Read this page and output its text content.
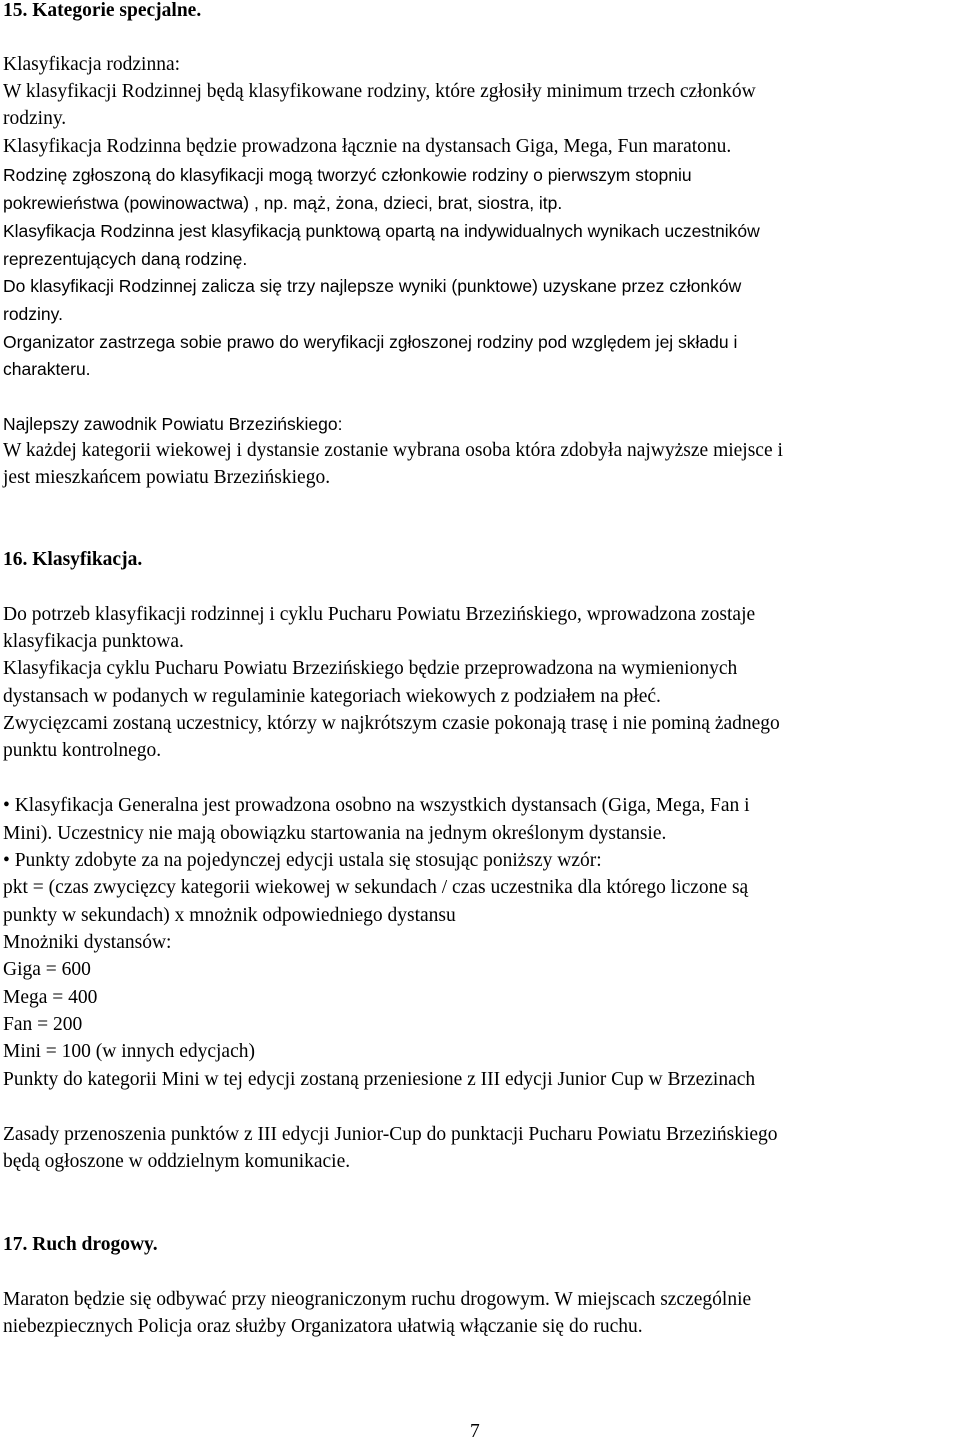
15. Kategorie specjalne.
Klasyfikacja rodzinna:
W klasyfikacji Rodzinnej będą klasyfikowane rodziny, które zgłosiły minimum trzech członków
rodziny.
Klasyfikacja Rodzinna będzie prowadzona łącznie na dystansach Giga, Mega, Fun maratonu.
Rodzinę zgłoszoną do klasyfikacji mogą tworzyć członkowie rodziny o pierwszym stopniu
pokrewieństwa (powinowactwa) , np. mąż, żona, dzieci, brat, siostra, itp.
Klasyfikacja Rodzinna jest klasyfikacją punktową opartą na indywidualnych wynikach uczestników
reprezentujących daną rodzinę.
Do klasyfikacji Rodzinnej zalicza się trzy najlepsze wyniki (punktowe) uzyskane przez członków
rodziny.
Organizator zastrzega sobie prawo do weryfikacji zgłoszonej rodziny pod względem jej składu i
charakteru.
Najlepszy zawodnik Powiatu Brzezińskiego:
W każdej kategorii wiekowej i dystansie zostanie wybrana osoba która zdobyła najwyższe miejsce i
jest mieszkańcem powiatu Brzezińskiego.
16. Klasyfikacja.
Do potrzeb klasyfikacji rodzinnej i cyklu Pucharu Powiatu Brzezińskiego, wprowadzona zostaje
klasyfikacja punktowa.
Klasyfikacja cyklu Pucharu Powiatu Brzezińskiego będzie przeprowadzona na wymienionych
dystansach w podanych w regulaminie kategoriach wiekowych z podziałem na płeć.
Zwycięzcami zostaną uczestnicy, którzy w najkrótszym czasie pokonają trasę i nie pominą żadnego
punktu kontrolnego.
• Klasyfikacja Generalna jest prowadzona osobno na wszystkich dystansach (Giga, Mega, Fan i
Mini). Uczestnicy nie mają obowiązku startowania na jednym określonym dystansie.
• Punkty zdobyte za na pojedynczej edycji ustala się stosując poniższy wzór:
pkt = (czas zwycięzcy kategorii wiekowej w sekundach / czas uczestnika dla którego liczone są
punkty w sekundach) x mnożnik odpowiedniego dystansu
Mnożniki dystansów:
Giga = 600
Mega = 400
Fan = 200
Mini = 100 (w innych edycjach)
Punkty do kategorii Mini w tej edycji zostaną przeniesione z III edycji Junior Cup w Brzezinach
Zasady przenoszenia punktów z III edycji Junior-Cup do punktacji Pucharu Powiatu Brzezińskiego
będą ogłoszone w oddzielnym komunikacie.
17. Ruch drogowy.
Maraton będzie się odbywać przy nieograniczonym ruchu drogowym. W miejscach szczególnie
niebezpiecznych Policja oraz służby Organizatora ułatwią włączanie się do ruchu.
7
